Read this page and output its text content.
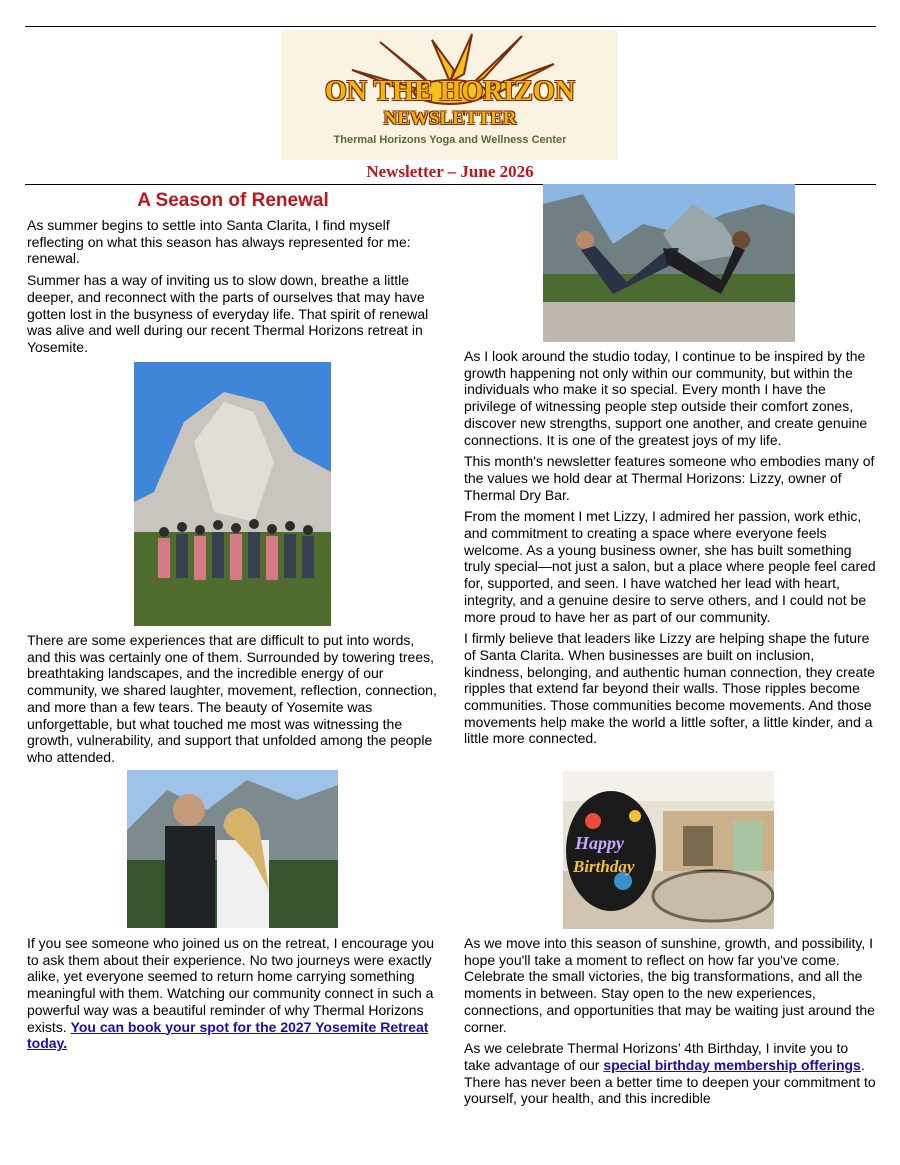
ON THE HORIZON
NEWSLETTER
Thermal Horizons Yoga and Wellness Center
Newsletter – June 2026
A Season of Renewal

As summer begins to settle into Santa Clarita, I find myself reflecting on what this season has always represented for me: renewal.

Summer has a way of inviting us to slow down, breathe a little deeper, and reconnect with the parts of ourselves that may have gotten lost in the busyness of everyday life. That spirit of renewal was alive and well during our recent Thermal Horizons retreat in Yosemite.

There are some experiences that are difficult to put into words, and this was certainly one of them. Surrounded by towering trees, breathtaking landscapes, and the incredible energy of our community, we shared laughter, movement, reflection, connection, and more than a few tears. The beauty of Yosemite was unforgettable, but what touched me most was witnessing the growth, vulnerability, and support that unfolded among the people who attended.

If you see someone who joined us on the retreat, I encourage you to ask them about their experience. No two journeys were exactly alike, yet everyone seemed to return home carrying something meaningful with them. Watching our community connect in such a powerful way was a beautiful reminder of why Thermal Horizons exists. You can book your spot for the 2027 Yosemite Retreat today.

As I look around the studio today, I continue to be inspired by the growth happening not only within our community, but within the individuals who make it so special. Every month I have the privilege of witnessing people step outside their comfort zones, discover new strengths, support one another, and create genuine connections. It is one of the greatest joys of my life.

This month's newsletter features someone who embodies many of the values we hold dear at Thermal Horizons: Lizzy, owner of Thermal Dry Bar.

From the moment I met Lizzy, I admired her passion, work ethic, and commitment to creating a space where everyone feels welcome. As a young business owner, she has built something truly special—not just a salon, but a place where people feel cared for, supported, and seen. I have watched her lead with heart, integrity, and a genuine desire to serve others, and I could not be more proud to have her as part of our community.

I firmly believe that leaders like Lizzy are helping shape the future of Santa Clarita. When businesses are built on inclusion, kindness, belonging, and authentic human connection, they create ripples that extend far beyond their walls. Those ripples become communities. Those communities become movements. And those movements help make the world a little softer, a little kinder, and a little more connected.

Happy
Birthday

As we move into this season of sunshine, growth, and possibility, I hope you'll take a moment to reflect on how far you've come. Celebrate the small victories, the big transformations, and all the moments in between. Stay open to the new experiences, connections, and opportunities that may be waiting just around the corner.

As we celebrate Thermal Horizons’ 4th Birthday, I invite you to take advantage of our special birthday membership offerings. There has never been a better time to deepen your commitment to yourself, your health, and this incredible
